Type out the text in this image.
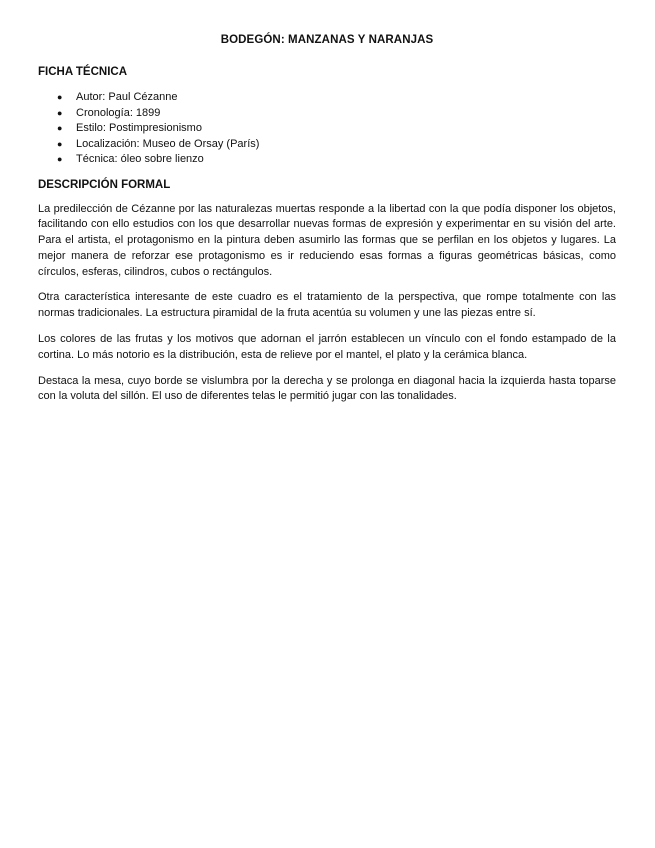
BODEGÓN: MANZANAS Y NARANJAS
FICHA TÉCNICA
● Autor: Paul Cézanne
● Cronología: 1899
● Estilo: Postimpresionismo
● Localización: Museo de Orsay (París)
● Técnica: óleo sobre lienzo
DESCRIPCIÓN FORMAL

La predilección de Cézanne por las naturalezas muertas responde a la libertad con la que podía disponer los objetos, facilitando con ello estudios con los que desarrollar nuevas formas de expresión y experimentar en su visión del arte. Para el artista, el protagonismo en la pintura deben asumirlo las formas que se perfilan en los objetos y lugares. La mejor manera de reforzar ese protagonismo es ir reduciendo esas formas a figuras geométricas básicas, como círculos, esferas, cilindros, cubos o rectángulos.

Otra característica interesante de este cuadro es el tratamiento de la perspectiva, que rompe totalmente con las normas tradicionales. La estructura piramidal de la fruta acentúa su volumen y une las piezas entre sí.

Los colores de las frutas y los motivos que adornan el jarrón establecen un vínculo con el fondo estampado de la cortina. Lo más notorio es la distribución, esta de relieve por el mantel, el plato y la cerámica blanca.

Destaca la mesa, cuyo borde se vislumbra por la derecha y se prolonga en diagonal hacia la izquierda hasta toparse con la voluta del sillón. El uso de diferentes telas le permitió jugar con las tonalidades.
